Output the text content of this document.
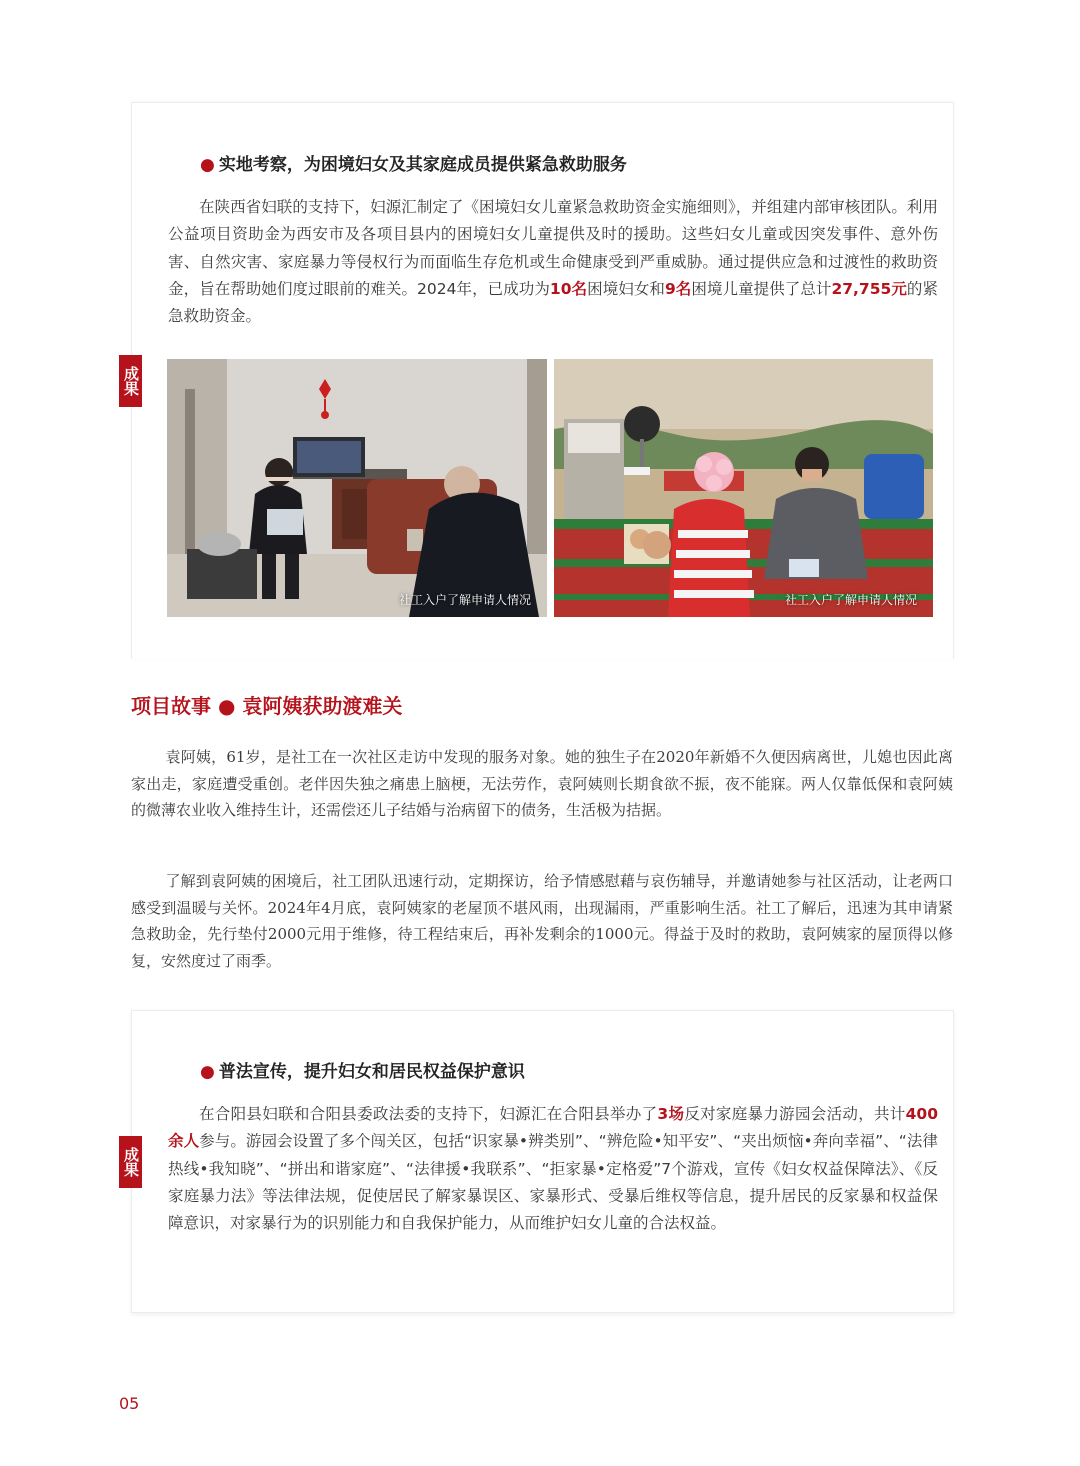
● 实地考察，为困境妇女及其家庭成员提供紧急救助服务

在陕西省妇联的支持下，妇源汇制定了《困境妇女儿童紧急救助资金实施细则》，并组建内部审核团队。利用公益项目资助金为西安市及各项目县内的困境妇女儿童提供及时的援助。这些妇女儿童或因突发事件、意外伤害、自然灾害、家庭暴力等侵权行为而面临生存危机或生命健康受到严重威胁。通过提供应急和过渡性的救助资金，旨在帮助她们度过眼前的难关。2024年，已成功为10名困境妇女和9名困境儿童提供了总计27,755元的紧急救助资金。

成果
社工入户了解申请人情况	社工入户了解申请人情况
项目故事 ● 袁阿姨获助渡难关

袁阿姨，61岁，是社工在一次社区走访中发现的服务对象。她的独生子在2020年新婚不久便因病离世，儿媳也因此离家出走，家庭遭受重创。老伴因失独之痛患上脑梗，无法劳作，袁阿姨则长期食欲不振，夜不能寐。两人仅靠低保和袁阿姨的微薄农业收入维持生计，还需偿还儿子结婚与治病留下的债务，生活极为拮据。

了解到袁阿姨的困境后，社工团队迅速行动，定期探访，给予情感慰藉与哀伤辅导，并邀请她参与社区活动，让老两口感受到温暖与关怀。2024年4月底，袁阿姨家的老屋顶不堪风雨，出现漏雨，严重影响生活。社工了解后，迅速为其申请紧急救助金，先行垫付2000元用于维修，待工程结束后，再补发剩余的1000元。得益于及时的救助，袁阿姨家的屋顶得以修复，安然度过了雨季。

● 普法宣传，提升妇女和居民权益保护意识

在合阳县妇联和合阳县委政法委的支持下，妇源汇在合阳县举办了3场反对家庭暴力游园会活动，共计400余人参与。游园会设置了多个闯关区，包括“识家暴•辨类别”、“辨危险•知平安”、“夹出烦恼•奔向幸福”、“法律热线•我知晓”、“拼出和谐家庭”、“法律援•我联系”、“拒家暴•定格爱”7个游戏，宣传《妇女权益保障法》、《反家庭暴力法》等法律法规，促使居民了解家暴误区、家暴形式、受暴后维权等信息，提升居民的反家暴和权益保障意识，对家暴行为的识别能力和自我保护能力，从而维护妇女儿童的合法权益。

成果
05
